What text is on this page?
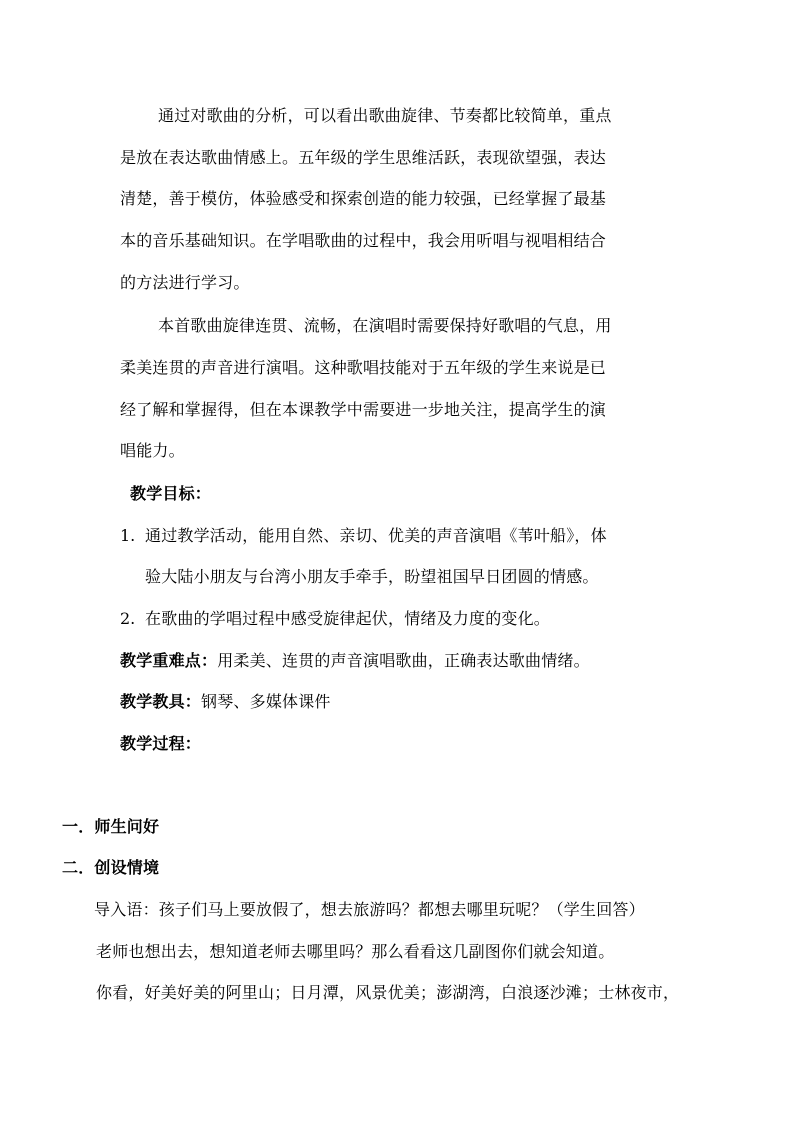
通过对歌曲的分析，可以看出歌曲旋律、节奏都比较简单，重点
是放在表达歌曲情感上。五年级的学生思维活跃，表现欲望强，表达
清楚，善于模仿，体验感受和探索创造的能力较强，已经掌握了最基
本的音乐基础知识。在学唱歌曲的过程中，我会用听唱与视唱相结合
的方法进行学习。
本首歌曲旋律连贯、流畅，在演唱时需要保持好歌唱的气息，用
柔美连贯的声音进行演唱。这种歌唱技能对于五年级的学生来说是已
经了解和掌握得，但在本课教学中需要进一步地关注，提高学生的演
唱能力。
教学目标：
1. 通过教学活动，能用自然、亲切、优美的声音演唱《苇叶船》，体
验大陆小朋友与台湾小朋友手牵手，盼望祖国早日团圆的情感。
2. 在歌曲的学唱过程中感受旋律起伏，情绪及力度的变化。
教学重难点：用柔美、连贯的声音演唱歌曲，正确表达歌曲情绪。
教学教具：钢琴、多媒体课件
教学过程：
一．师生问好
二．创设情境
导入语：孩子们马上要放假了，想去旅游吗？都想去哪里玩呢？（学生回答）
老师也想出去，想知道老师去哪里吗？那么看看这几副图你们就会知道。
你看，好美好美的阿里山；日月潭，风景优美；澎湖湾，白浪逐沙滩；士林夜市，
